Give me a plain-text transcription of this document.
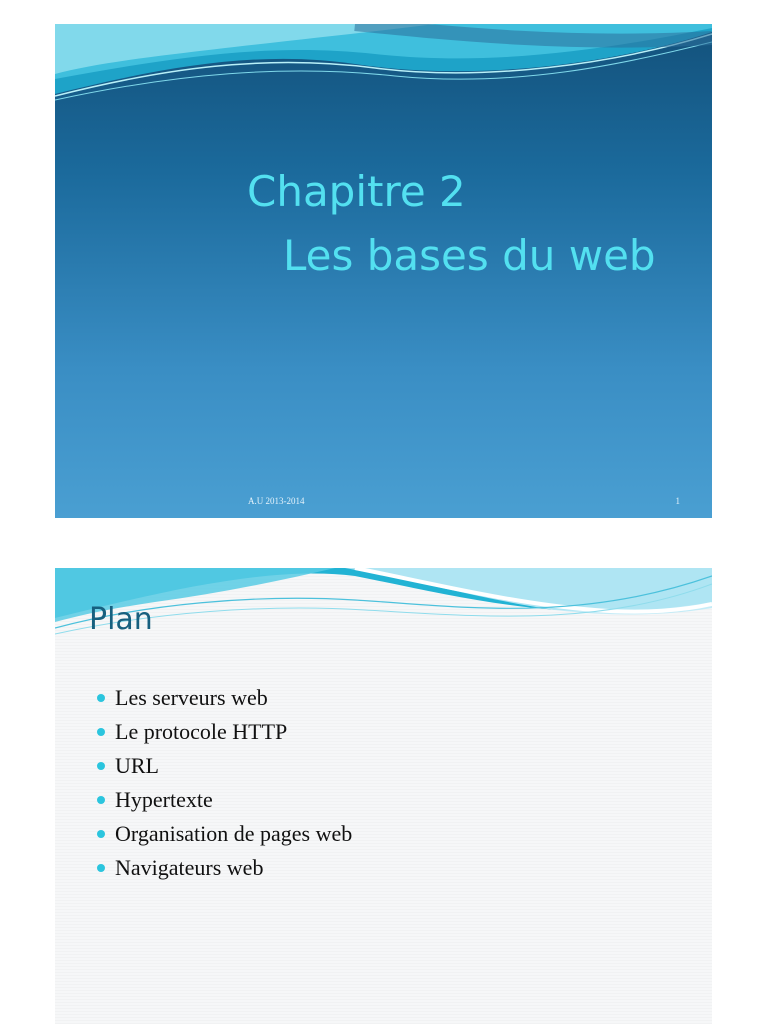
Chapitre 2
Les bases du web
A.U 2013-2014	1
Plan
Les serveurs web
Le protocole HTTP
URL
Hypertexte
Organisation de pages web
Navigateurs web
